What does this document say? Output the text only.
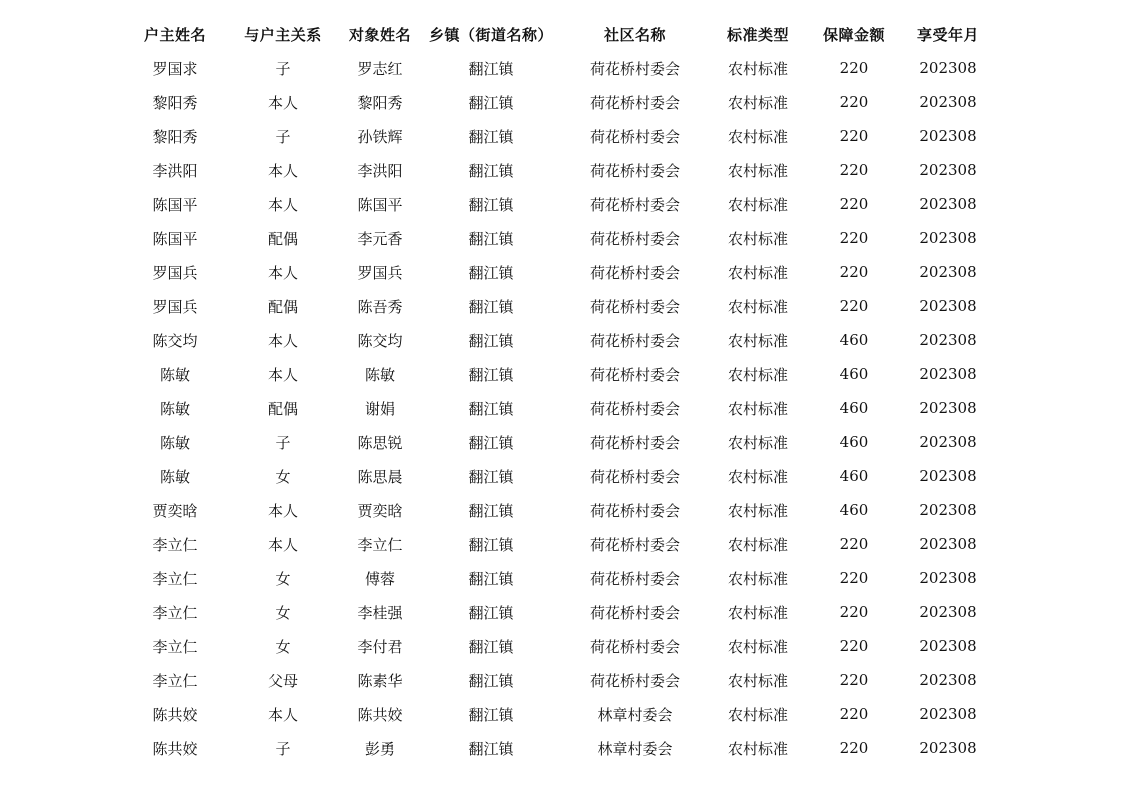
户主姓名	与户主关系	对象姓名	乡镇（街道名称）	社区名称	标准类型	保障金额	享受年月
罗国求	子	罗志红	翻江镇	荷花桥村委会	农村标准	220	202308
黎阳秀	本人	黎阳秀	翻江镇	荷花桥村委会	农村标准	220	202308
黎阳秀	子	孙铁辉	翻江镇	荷花桥村委会	农村标准	220	202308
李洪阳	本人	李洪阳	翻江镇	荷花桥村委会	农村标准	220	202308
陈国平	本人	陈国平	翻江镇	荷花桥村委会	农村标准	220	202308
陈国平	配偶	李元香	翻江镇	荷花桥村委会	农村标准	220	202308
罗国兵	本人	罗国兵	翻江镇	荷花桥村委会	农村标准	220	202308
罗国兵	配偶	陈吾秀	翻江镇	荷花桥村委会	农村标准	220	202308
陈交均	本人	陈交均	翻江镇	荷花桥村委会	农村标准	460	202308
陈敏	本人	陈敏	翻江镇	荷花桥村委会	农村标准	460	202308
陈敏	配偶	谢娟	翻江镇	荷花桥村委会	农村标准	460	202308
陈敏	子	陈思锐	翻江镇	荷花桥村委会	农村标准	460	202308
陈敏	女	陈思晨	翻江镇	荷花桥村委会	农村标准	460	202308
贾奕晗	本人	贾奕晗	翻江镇	荷花桥村委会	农村标准	460	202308
李立仁	本人	李立仁	翻江镇	荷花桥村委会	农村标准	220	202308
李立仁	女	傅蓉	翻江镇	荷花桥村委会	农村标准	220	202308
李立仁	女	李桂强	翻江镇	荷花桥村委会	农村标准	220	202308
李立仁	女	李付君	翻江镇	荷花桥村委会	农村标准	220	202308
李立仁	父母	陈素华	翻江镇	荷花桥村委会	农村标准	220	202308
陈共姣	本人	陈共姣	翻江镇	林章村委会	农村标准	220	202308
陈共姣	子	彭勇	翻江镇	林章村委会	农村标准	220	202308
